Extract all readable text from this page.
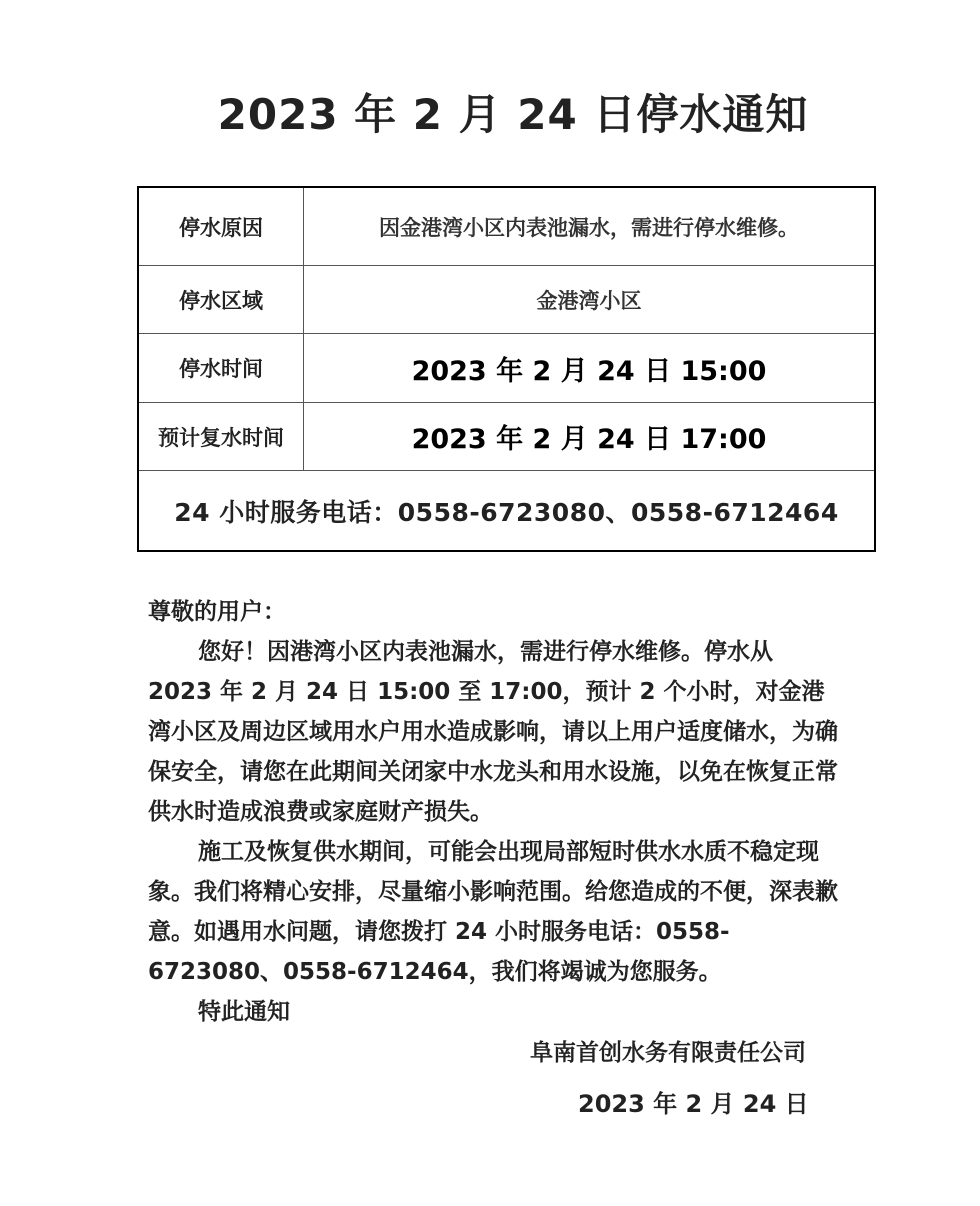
2023 年 2 月 24 日停水通知
停水原因	因金港湾小区内表池漏水，需进行停水维修。
停水区域	金港湾小区
停水时间	2023 年 2 月 24 日 15:00
预计复水时间	2023 年 2 月 24 日 17:00
24 小时服务电话：0558-6723080、0558-6712464	

尊敬的用户：

您好！因港湾小区内表池漏水，需进行停水维修。停水从 2023 年 2 月 24 日 15:00 至 17:00，预计 2 个小时，对金港湾小区及周边区域用水户用水造成影响，请以上用户适度储水，为确保安全，请您在此期间关闭家中水龙头和用水设施，以免在恢复正常供水时造成浪费或家庭财产损失。

施工及恢复供水期间，可能会出现局部短时供水水质不稳定现象。我们将精心安排，尽量缩小影响范围。给您造成的不便，深表歉意。如遇用水问题，请您拨打 24 小时服务电话：0558-6723080、0558-6712464，我们将竭诚为您服务。

特此通知

阜南首创水务有限责任公司
2023 年 2 月 24 日
